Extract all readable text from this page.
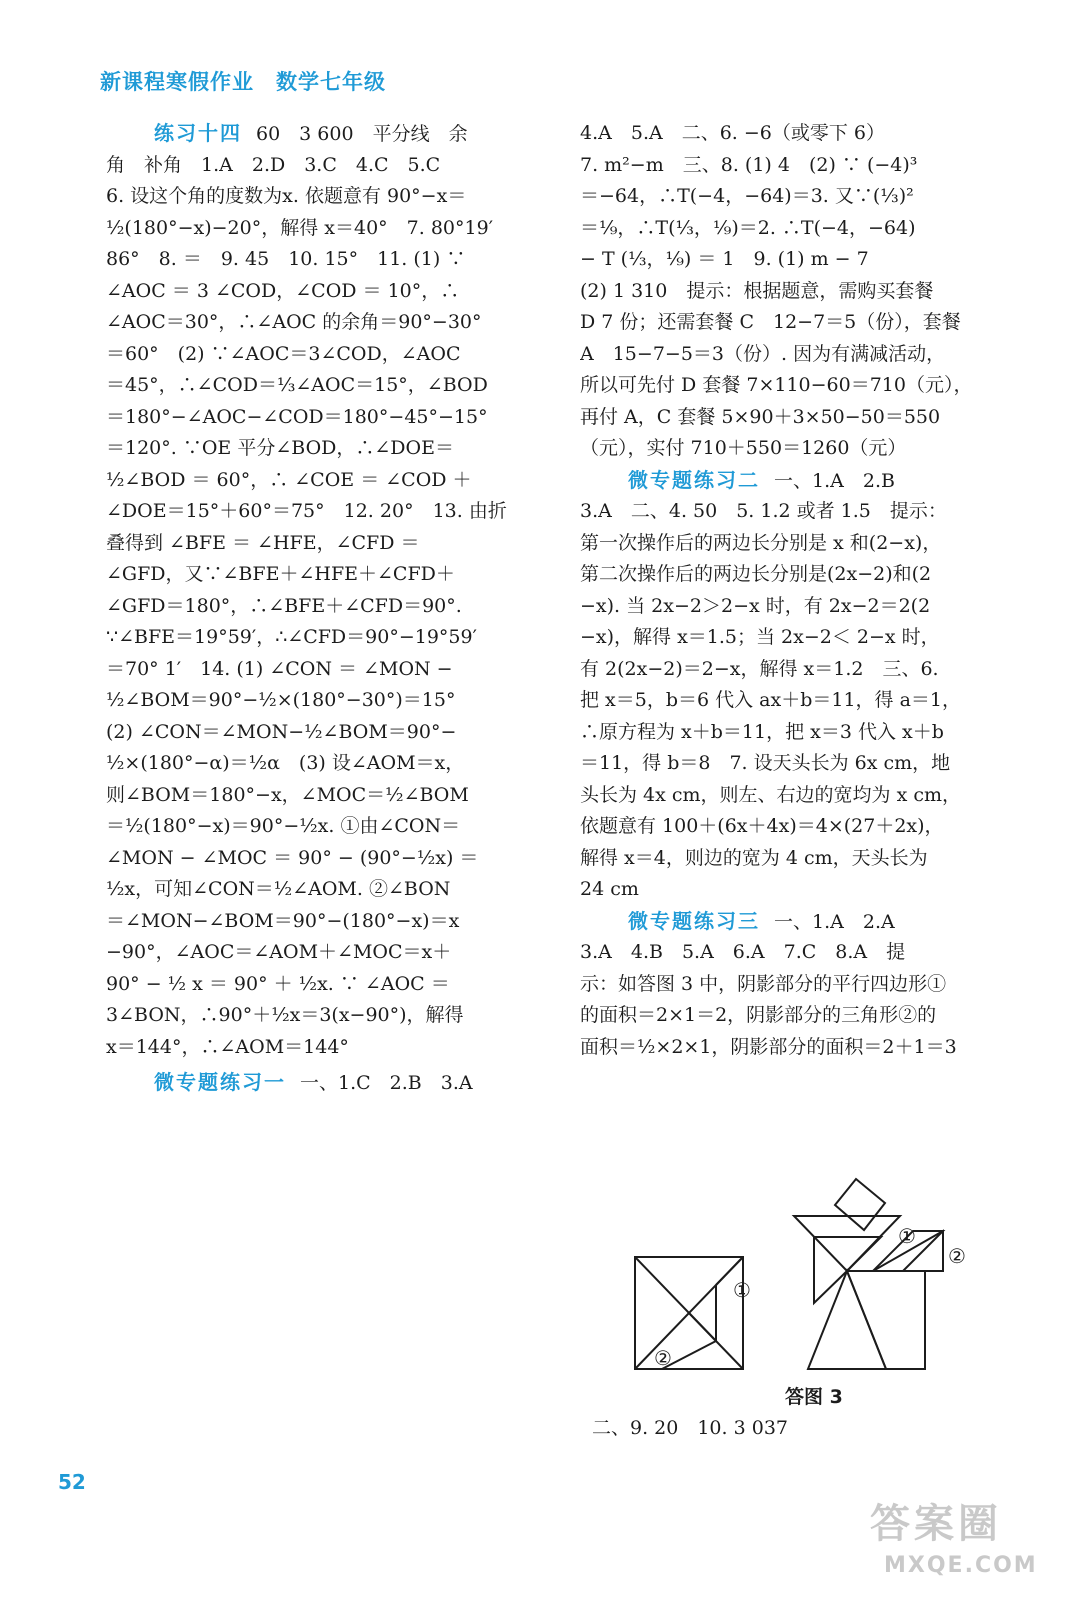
新课程寒假作业 数学七年级
练习十四 60　3 600　平分线　余
角　补角　1.A　2.D　3.C　4.C　5.C
6. 设这个角的度数为x. 依题意有 90°−x＝
½(180°−x)−20°，解得 x＝40°　7. 80°19′
86°　8. ＝　9. 45　10. 15°　11. (1) ∵
∠AOC ＝ 3 ∠COD，∠COD ＝ 10°，∴
∠AOC＝30°，∴∠AOC 的余角＝90°−30°
＝60°　(2) ∵∠AOC＝3∠COD，∠AOC
＝45°，∴∠COD＝⅓∠AOC＝15°，∠BOD
＝180°−∠AOC−∠COD＝180°−45°−15°
＝120°. ∵OE 平分∠BOD，∴∠DOE＝
½∠BOD ＝ 60°，∴ ∠COE ＝ ∠COD ＋
∠DOE＝15°＋60°＝75°　12. 20°　13. 由折
叠得到 ∠BFE ＝ ∠HFE，∠CFD ＝
∠GFD，又∵∠BFE＋∠HFE＋∠CFD＋
∠GFD＝180°，∴∠BFE＋∠CFD＝90°.
∵∠BFE＝19°59′，∴∠CFD＝90°−19°59′
＝70° 1′　14. (1) ∠CON ＝ ∠MON −
½∠BOM＝90°−½×(180°−30°)＝15°
(2) ∠CON＝∠MON−½∠BOM＝90°−
½×(180°−α)＝½α　(3) 设∠AOM＝x，
则∠BOM＝180°−x，∠MOC＝½∠BOM
＝½(180°−x)＝90°−½x. ①由∠CON＝
∠MON − ∠MOC ＝ 90° − (90°−½x) ＝
½x，可知∠CON＝½∠AOM. ②∠BON
＝∠MON−∠BOM＝90°−(180°−x)＝x
−90°，∠AOC＝∠AOM＋∠MOC＝x＋
90° − ½ x ＝ 90° ＋ ½x. ∵ ∠AOC ＝
3∠BON，∴90°＋½x＝3(x−90°)，解得
x＝144°，∴∠AOM＝144°
微专题练习一 一、1.C　2.B　3.A
4.A　5.A　二、6. −6（或零下 6）
7. m²−m　三、8. (1) 4　(2) ∵ (−4)³
＝−64，∴T(−4，−64)＝3. 又∵(⅓)²
＝⅑，∴T(⅓，⅑)＝2. ∴T(−4，−64)
− T (⅓，⅑) ＝ 1　9. (1) m − 7
(2) 1 310　提示：根据题意，需购买套餐
D 7 份；还需套餐 C　12−7＝5（份），套餐
A　15−7−5＝3（份）. 因为有满减活动，
所以可先付 D 套餐 7×110−60＝710（元），
再付 A，C 套餐 5×90＋3×50−50＝550
（元），实付 710＋550＝1260（元）
微专题练习二 一、1.A　2.B
3.A　二、4. 50　5. 1.2 或者 1.5　提示：
第一次操作后的两边长分别是 x 和(2−x)，
第二次操作后的两边长分别是(2x−2)和(2
−x). 当 2x−2＞2−x 时，有 2x−2＝2(2
−x)，解得 x＝1.5；当 2x−2＜ 2−x 时，
有 2(2x−2)＝2−x，解得 x＝1.2　三、6.
把 x＝5，b＝6 代入 ax＋b＝11，得 a＝1，
∴原方程为 x＋b＝11，把 x＝3 代入 x＋b
＝11，得 b＝8　7. 设天头长为 6x cm，地
头长为 4x cm，则左、右边的宽均为 x cm，
依题意有 100＋(6x＋4x)＝4×(27＋2x)，
解得 x＝4，则边的宽为 4 cm，天头长为
24 cm
微专题练习三 一、1.A　2.A
3.A　4.B　5.A　6.A　7.C　8.A　提
示：如答图 3 中，阴影部分的平行四边形①
的面积＝2×1＝2，阴影部分的三角形②的
面积＝½×2×1，阴影部分的面积＝2＋1＝3
①
②
①
②
答图 3
二、9. 20　10. 3 037
52
答案圈
MXQE.COM
